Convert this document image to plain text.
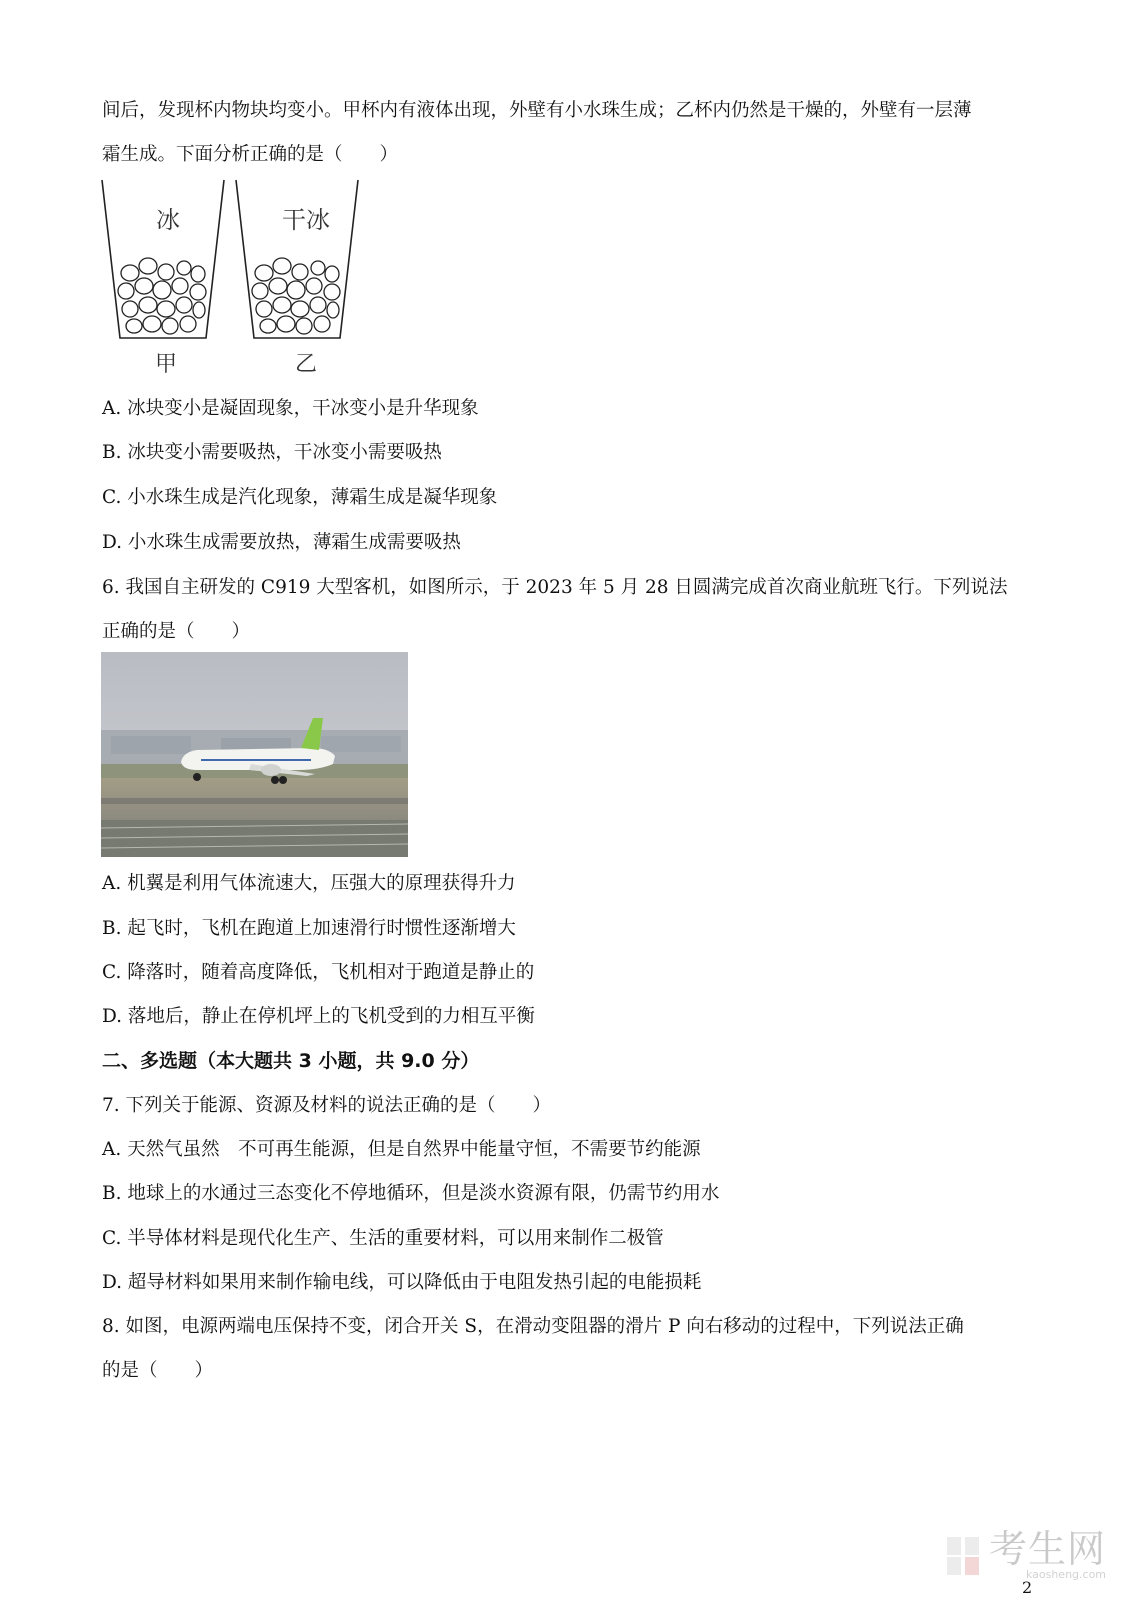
间后，发现杯内物块均变小。甲杯内有液体出现，外壁有小水珠生成；乙杯内仍然是干燥的，外壁有一层薄
霜生成。下面分析正确的是（　　）
冰	干冰
甲	乙
A. 冰块变小是凝固现象，干冰变小是升华现象
B. 冰块变小需要吸热，干冰变小需要吸热
C. 小水珠生成是汽化现象，薄霜生成是凝华现象
D. 小水珠生成需要放热，薄霜生成需要吸热
6. 我国自主研发的 C919 大型客机，如图所示，于 2023 年 5 月 28 日圆满完成首次商业航班飞行。下列说法
正确的是（　　）
A. 机翼是利用气体流速大，压强大的原理获得升力
B. 起飞时，飞机在跑道上加速滑行时惯性逐渐增大
C. 降落时，随着高度降低，飞机相对于跑道是静止的
D. 落地后，静止在停机坪上的飞机受到的力相互平衡
二、多选题（本大题共 3 小题，共 9.0 分）
7. 下列关于能源、资源及材料的说法正确的是（　　）
A. 天然气虽然　不可再生能源，但是自然界中能量守恒，不需要节约能源
B. 地球上的水通过三态变化不停地循环，但是淡水资源有限，仍需节约用水
C. 半导体材料是现代化生产、生活的重要材料，可以用来制作二极管
D. 超导材料如果用来制作输电线，可以降低由于电阻发热引起的电能损耗
8. 如图，电源两端电压保持不变，闭合开关 S，在滑动变阻器的滑片 P 向右移动的过程中，下列说法正确
的是（　　）
考生网
kaosheng.com
2
